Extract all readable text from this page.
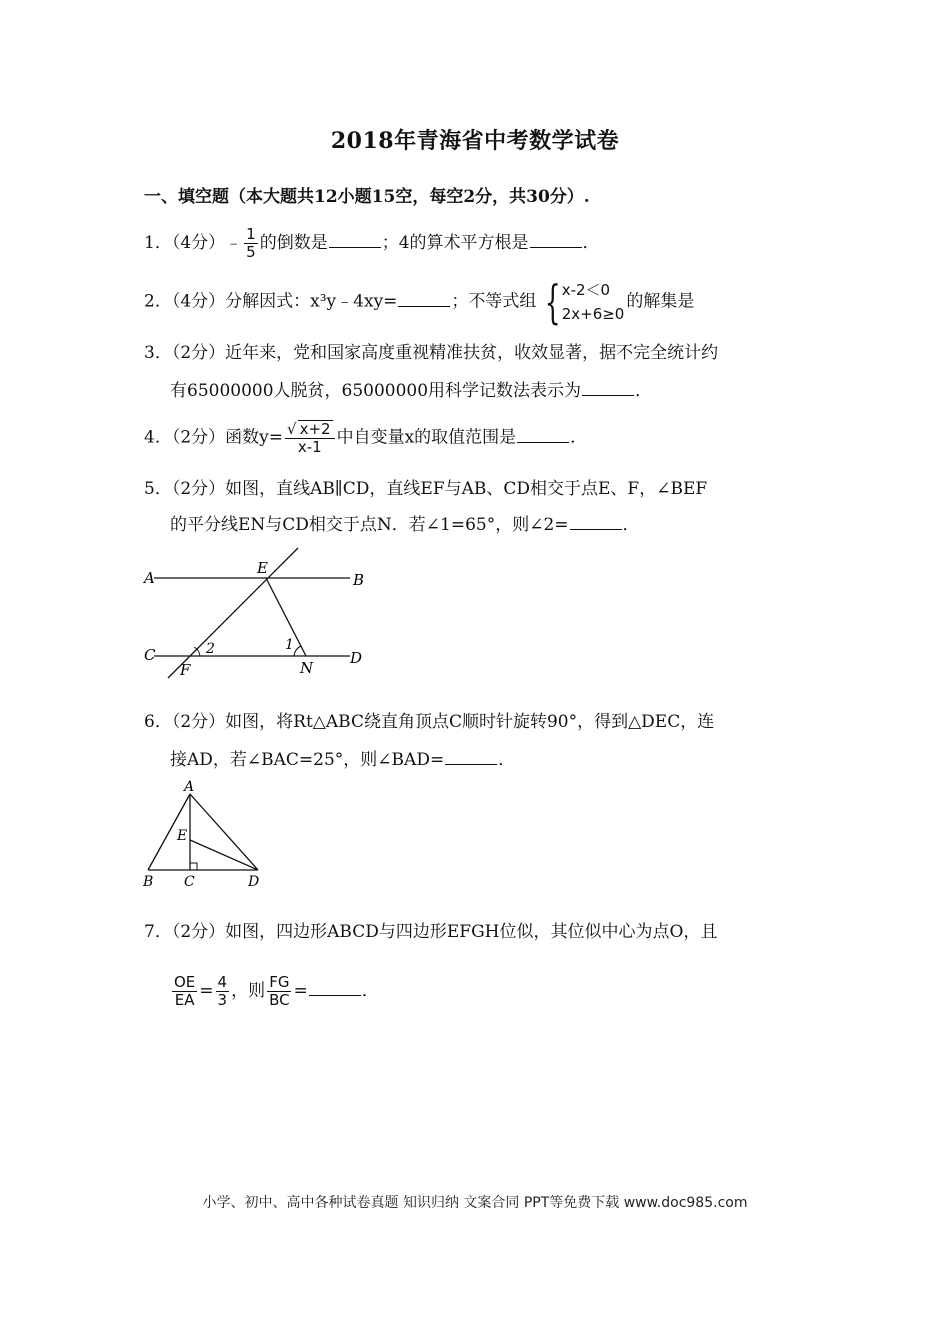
2018年青海省中考数学试卷
一、填空题（本大题共12小题15空，每空2分，共30分）.
1．（4分）﹣ $\frac{1}{5}$ 的倒数是	；4的算术平方根是	．
2．（4分）分解因式：x³y﹣4xy=	；不等式组 { x-2＜0
2x+6≥0
的解集是
3．（2分）近年来，党和国家高度重视精准扶贫，收效显著，据不完全统计约
有65000000人脱贫，65000000用科学记数法表示为	．
4．（2分）函数$y= \frac{√ x+2}{x-1}$ 中自变量x的取值范围是	．
5．（2分）如图，直线AB∥CD，直线EF与AB、CD相交于点E、F，∠BEF
的平分线EN与CD相交于点N．若∠1=65°，则∠2=	．
A	B
E
C	D
F	N
1
2
6．（2分）如图，将Rt△ABC绕直角顶点C顺时针旋转90°，得到△DEC，连
接AD，若∠BAC=25°，则∠BAD=	．
A
B C	D
E
7．（2分）如图，四边形ABCD与四边形EFGH位似，其位似中心为点O，且
$\frac{OE}{EA} = \frac{4}{3}$ ，则 $\frac{FG}{BC}$ =	．
小学、初中、高中各种试卷真题 知识归纳 文案合同 PPT等免费下载 www.doc985.com
